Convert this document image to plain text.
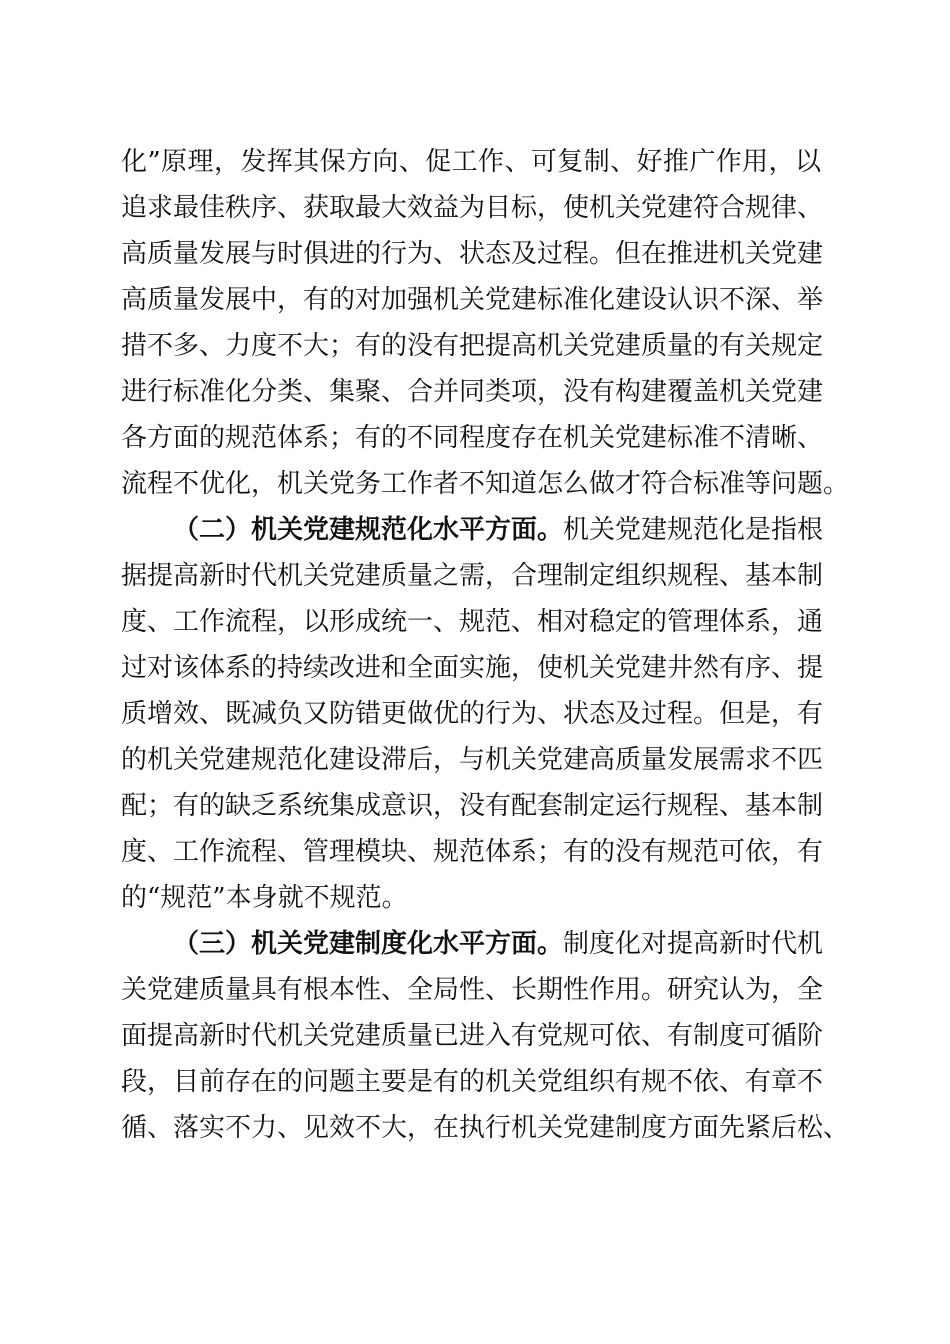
化”原理，发挥其保方向、促工作、可复制、好推广作用，以
追求最佳秩序、获取最大效益为目标，使机关党建符合规律、
高质量发展与时俱进的行为、状态及过程。但在推进机关党建
高质量发展中，有的对加强机关党建标准化建设认识不深、举
措不多、力度不大；有的没有把提高机关党建质量的有关规定
进行标准化分类、集聚、合并同类项，没有构建覆盖机关党建
各方面的规范体系；有的不同程度存在机关党建标准不清晰、
流程不优化，机关党务工作者不知道怎么做才符合标准等问题。
（二）机关党建规范化水平方面。机关党建规范化是指根
据提高新时代机关党建质量之需，合理制定组织规程、基本制
度、工作流程，以形成统一、规范、相对稳定的管理体系，通
过对该体系的持续改进和全面实施，使机关党建井然有序、提
质增效、既减负又防错更做优的行为、状态及过程。但是，有
的机关党建规范化建设滞后，与机关党建高质量发展需求不匹
配；有的缺乏系统集成意识，没有配套制定运行规程、基本制
度、工作流程、管理模块、规范体系；有的没有规范可依，有
的“规范”本身就不规范。
（三）机关党建制度化水平方面。制度化对提高新时代机
关党建质量具有根本性、全局性、长期性作用。研究认为，全
面提高新时代机关党建质量已进入有党规可依、有制度可循阶
段，目前存在的问题主要是有的机关党组织有规不依、有章不
循、落实不力、见效不大，在执行机关党建制度方面先紧后松、
